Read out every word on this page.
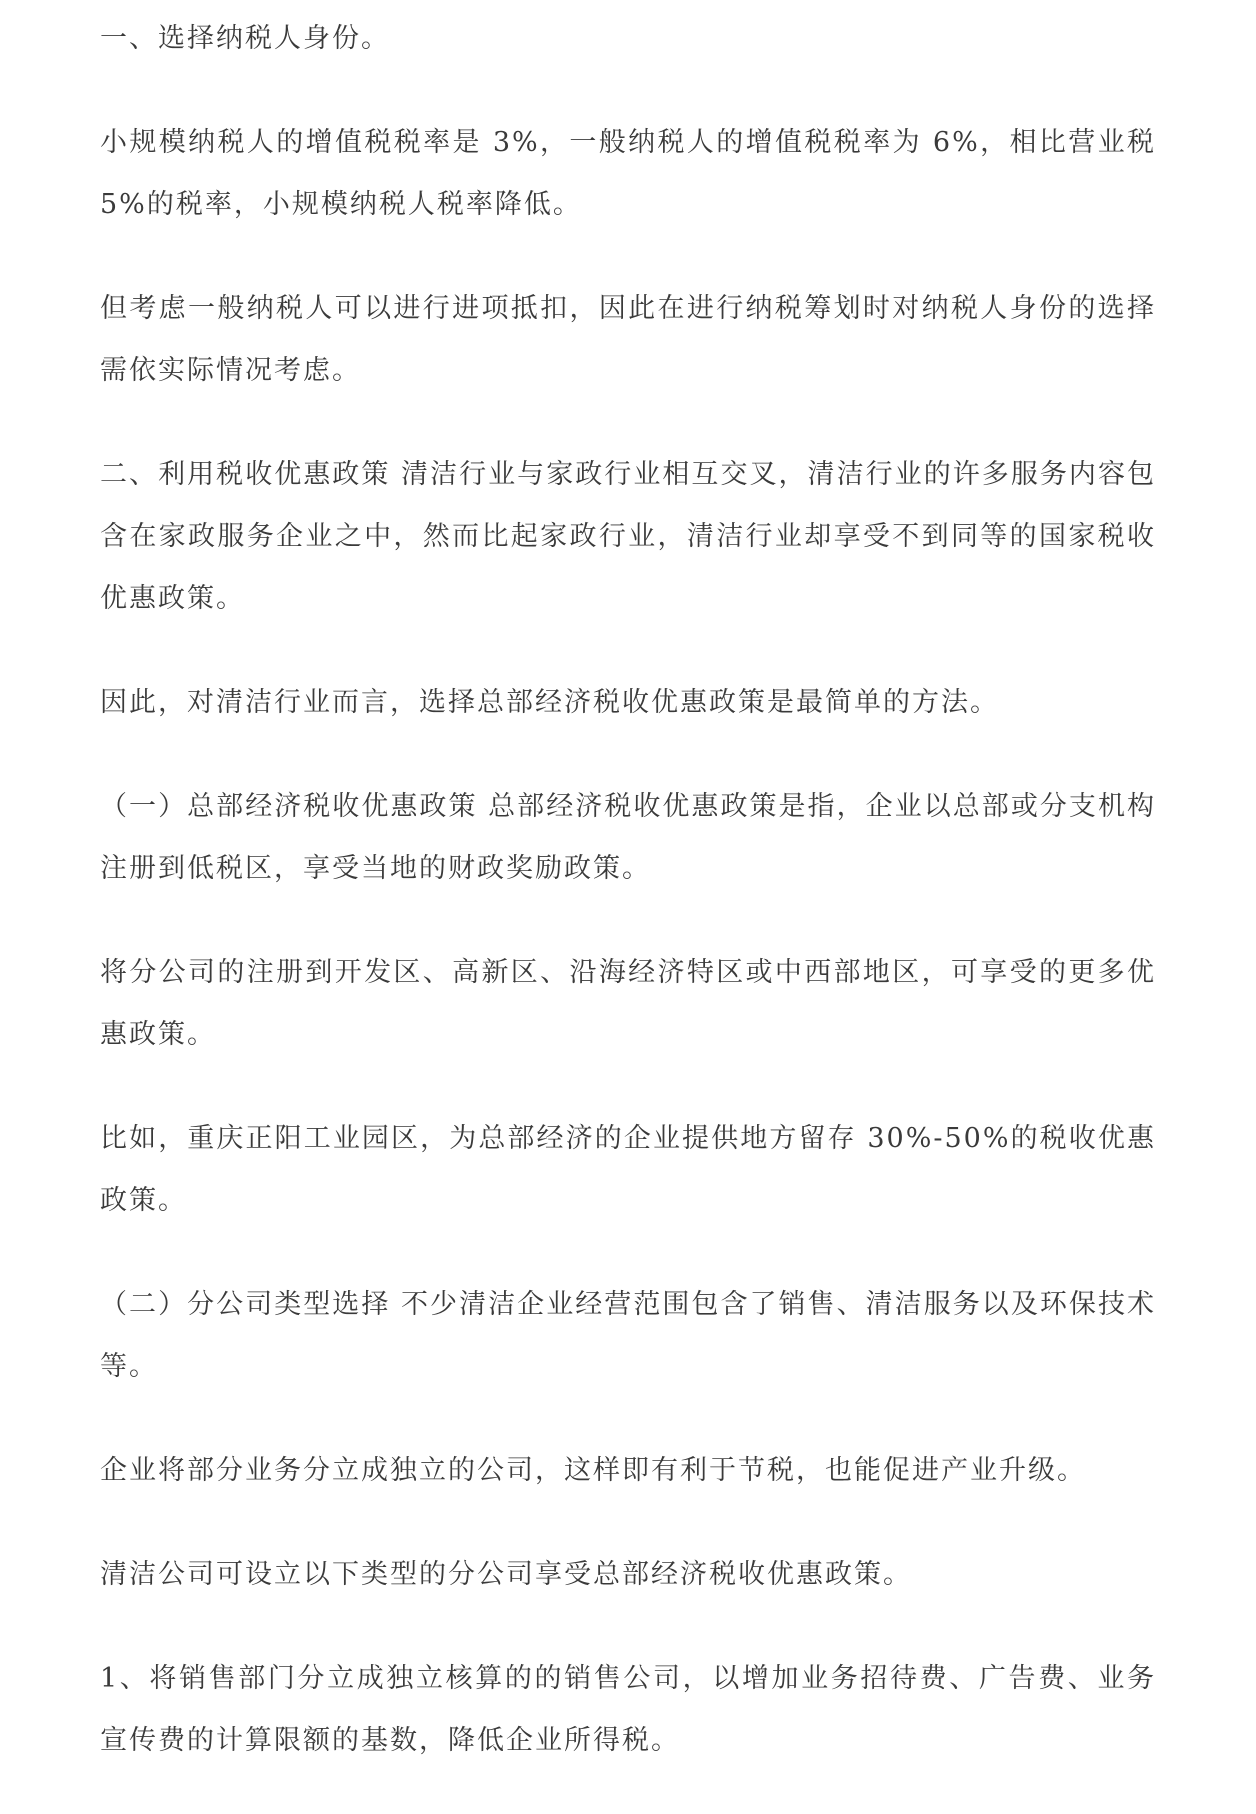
一、选择纳税人身份。

小规模纳税人的增值税税率是 3%，一般纳税人的增值税税率为 6%，相比营业税 5%的税率，小规模纳税人税率降低。

但考虑一般纳税人可以进行进项抵扣，因此在进行纳税筹划时对纳税人身份的选择需依实际情况考虑。

二、利用税收优惠政策 清洁行业与家政行业相互交叉，清洁行业的许多服务内容包含在家政服务企业之中，然而比起家政行业，清洁行业却享受不到同等的国家税收优惠政策。

因此，对清洁行业而言，选择总部经济税收优惠政策是最简单的方法。

（一）总部经济税收优惠政策 总部经济税收优惠政策是指，企业以总部或分支机构注册到低税区，享受当地的财政奖励政策。

将分公司的注册到开发区、高新区、沿海经济特区或中西部地区，可享受的更多优惠政策。

比如，重庆正阳工业园区，为总部经济的企业提供地方留存 30%-50%的税收优惠政策。

（二）分公司类型选择 不少清洁企业经营范围包含了销售、清洁服务以及环保技术等。

企业将部分业务分立成独立的公司，这样即有利于节税，也能促进产业升级。

清洁公司可设立以下类型的分公司享受总部经济税收优惠政策。

1、将销售部门分立成独立核算的的销售公司，以增加业务招待费、广告费、业务宣传费的计算限额的基数，降低企业所得税。
